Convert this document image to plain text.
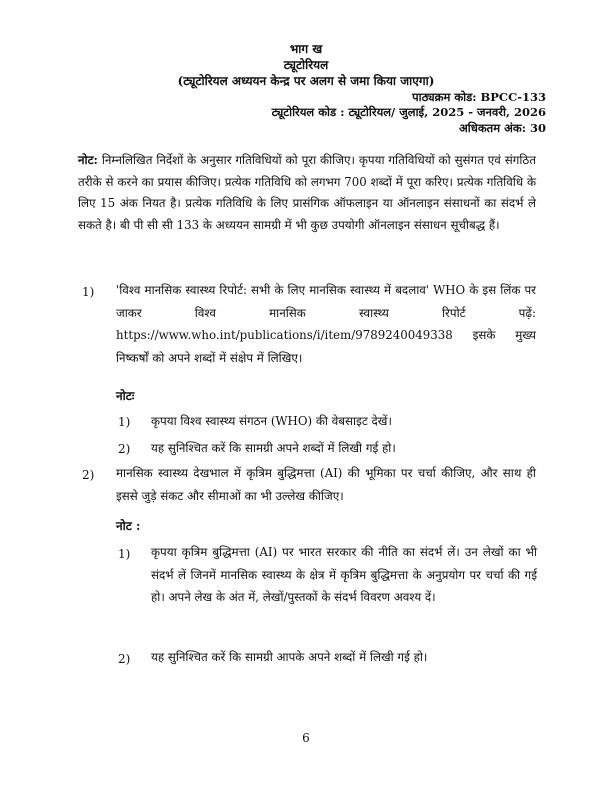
भाग ख
ट्यूटोरियल
(ट्यूटोरियल अध्ययन केन्द्र पर अलग से जमा किया जाएगा)
पाठ्यक्रम कोड: BPCC-133
ट्यूटोरियल कोड : ट्यूटोरियल/ जुलाई, 2025 - जनवरी, 2026
अधिकतम अंक: 30
नोट: निम्नलिखित निर्देशों के अनुसार गतिविधियों को पूरा कीजिए। कृपया गतिविधियों को सुसंगत एवं संगठित तरीके से करने का प्रयास कीजिए। प्रत्येक गतिविधि को लगभग 700 शब्दों में पूरा करिए। प्रत्येक गतिविधि के लिए 15 अंक नियत है। प्रत्येक गतिविधि के लिए प्रासंगिक ऑफलाइन या ऑनलाइन संसाधनों का संदर्भ ले सकते है। बी पी सी सी 133 के अध्ययन सामग्री में भी कुछ उपयोगी ऑनलाइन संसाधन सूचीबद्ध हैं।
1) 'विश्व मानसिक स्वास्थ्य रिपोर्ट: सभी के लिए मानसिक स्वास्थ्य में बदलाव' WHO के इस लिंक पर जाकर विश्व मानसिक स्वास्थ्य रिपोर्ट पढ़ें: https://www.who.int/publications/i/item/9789240049338 इसके मुख्य निष्कर्षों को अपने शब्दों में संक्षेप में लिखिए।
नोटः
1) कृपया विश्व स्वास्थ्य संगठन (WHO) की वेबसाइट देखें।
2) यह सुनिश्चित करें कि सामग्री अपने शब्दों में लिखी गई हो।
2) मानसिक स्वास्थ्य देखभाल में कृत्रिम बुद्धिमत्ता (AI) की भूमिका पर चर्चा कीजिए, और साथ ही इससे जुड़े संकट और सीमाओं का भी उल्लेख कीजिए।
नोट :
1) कृपया कृत्रिम बुद्धिमत्ता (AI) पर भारत सरकार की नीति का संदर्भ लें। उन लेखों का भी संदर्भ लें जिनमें मानसिक स्वास्थ्य के क्षेत्र में कृत्रिम बुद्धिमत्ता के अनुप्रयोग पर चर्चा की गई हो। अपने लेख के अंत में, लेखों/पुस्तकों के संदर्भ विवरण अवश्य दें।
2) यह सुनिश्चित करें कि सामग्री आपके अपने शब्दों में लिखी गई हो।
6
